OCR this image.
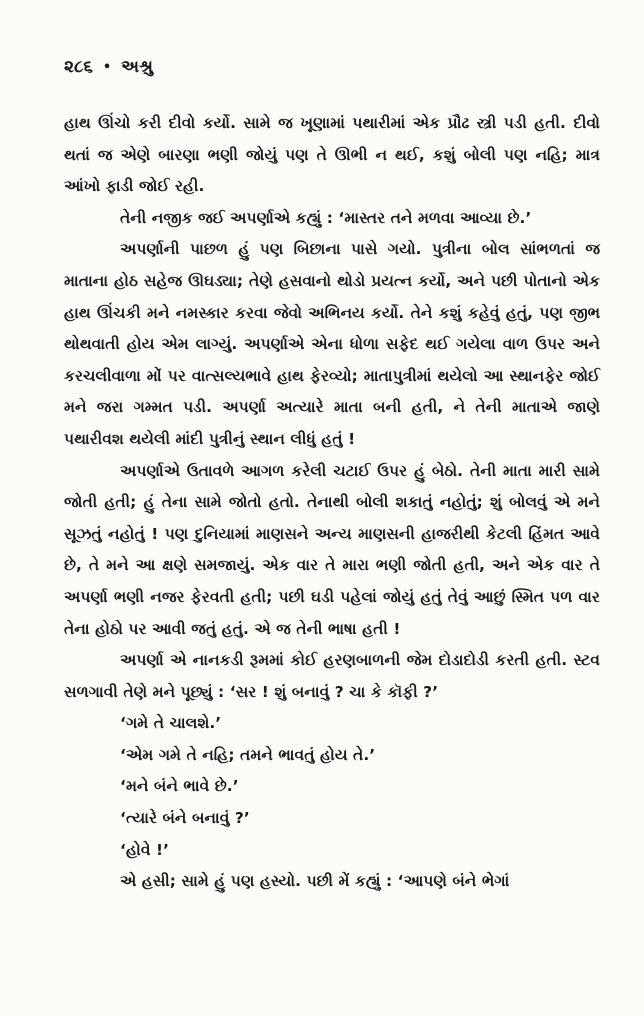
૨૮૬ • અશ્રુ

હાથ ઊંચો કરી દીવો કર્યો. સામે જ ખૂણામાં પથારીમાં એક પ્રૌઢ સ્ત્રી પડી હતી. દીવો થતાં જ એણે બારણા ભણી જોયું પણ તે ઊભી ન થઈ, કશું બોલી પણ નહિ; માત્ર આંખો ફાડી જોઈ રહી.

તેની નજીક જઈ અપર્ણાએ કહ્યું : ‘માસ્તર તને મળવા આવ્યા છે.’

અપર્ણાની પાછળ હું પણ બિછાના પાસે ગયો. પુત્રીના બોલ સાંભળતાં જ માતાના હોઠ સહેજ ઊઘડ્યા; તેણે હસવાનો થોડો પ્રયત્ન કર્યો, અને પછી પોતાનો એક હાથ ઊંચકી મને નમસ્કાર કરવા જેવો અભિનય કર્યો. તેને કશું કહેવું હતું, પણ જીભ થોથવાતી હોય એમ લાગ્યું. અપર્ણાએ એના ધોળા સફેદ થઈ ગયેલા વાળ ઉપર અને કરચલીવાળા મોં પર વાત્સલ્યભાવે હાથ ફેરવ્યો; માતાપુત્રીમાં થયેલો આ સ્થાનફેર જોઈ મને જરા ગમ્મત પડી. અપર્ણા અત્યારે માતા બની હતી, ને તેની માતાએ જાણે પથારીવશ થયેલી માંદી પુત્રીનું સ્થાન લીધું હતું !

અપર્ણાએ ઉતાવળે આગળ કરેલી ચટાઈ ઉપર હું બેઠો. તેની માતા મારી સામે જોતી હતી; હું તેના સામે જોતો હતો. તેનાથી બોલી શકાતું નહોતું; શું બોલવું એ મને સૂઝતું નહોતું ! પણ દુનિયામાં માણસને અન્ય માણસની હાજરીથી કેટલી હિંમત આવે છે, તે મને આ ક્ષણે સમજાયું. એક વાર તે મારા ભણી જોતી હતી, અને એક વાર તે અપર્ણા ભણી નજર ફેરવતી હતી; પછી ઘડી પહેલાં જોયું હતું તેવું આછું સ્મિત પળ વાર તેના હોઠો પર આવી જતું હતું. એ જ તેની ભાષા હતી !

અપર્ણા એ નાનકડી રૂમમાં કોઈ હરણબાળની જેમ દોડાદોડી કરતી હતી. સ્ટવ સળગાવી તેણે મને પૂછ્યું : ‘સર ! શું બનાવું ? ચા કે કૉફી ?’

‘ગમે તે ચાલશે.’

‘એમ ગમે તે નહિ; તમને ભાવતું હોય તે.’

‘મને બંને ભાવે છે.’

‘ત્યારે બંને બનાવું ?’

‘હોવે !’

એ હસી; સામે હું પણ હસ્યો. પછી મેં કહ્યું : ‘આપણે બંને ભેગાં
